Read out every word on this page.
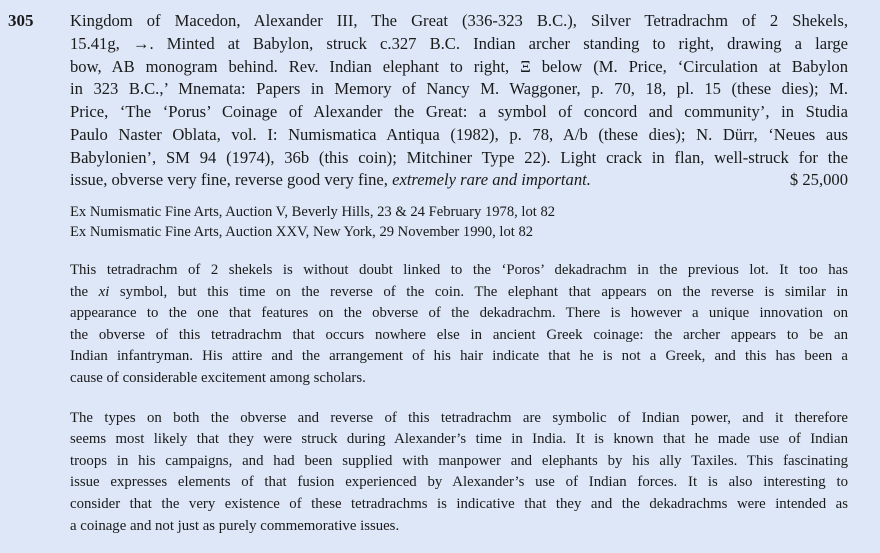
305 Kingdom of Macedon, Alexander III, The Great (336-323 B.C.), Silver Tetradrachm of 2 Shekels,
15.41g, →. Minted at Babylon, struck c.327 B.C. Indian archer standing to right, drawing a large
bow, AB monogram behind. Rev. Indian elephant to right, Ξ below (M. Price, ‘Circulation at Babylon
in 323 B.C.,’ Mnemata: Papers in Memory of Nancy M. Waggoner, p. 70, 18, pl. 15 (these dies); M.
Price, ‘The ‘Porus’ Coinage of Alexander the Great: a symbol of concord and community’, in Studia
Paulo Naster Oblata, vol. I: Numismatica Antiqua (1982), p. 78, A/b (these dies); N. Dürr, ‘Neues aus
Babylonien’, SM 94 (1974), 36b (this coin); Mitchiner Type 22). Light crack in flan, well-struck for the
issue, obverse very fine, reverse good very fine, extremely rare and important.	$ 25,000
Ex Numismatic Fine Arts, Auction V, Beverly Hills, 23 & 24 February 1978, lot 82
Ex Numismatic Fine Arts, Auction XXV, New York, 29 November 1990, lot 82
This tetradrachm of 2 shekels is without doubt linked to the ‘Poros’ dekadrachm in the previous lot. It too has
the xi symbol, but this time on the reverse of the coin. The elephant that appears on the reverse is similar in
appearance to the one that features on the obverse of the dekadrachm. There is however a unique innovation on
the obverse of this tetradrachm that occurs nowhere else in ancient Greek coinage: the archer appears to be an
Indian infantryman. His attire and the arrangement of his hair indicate that he is not a Greek, and this has been a
cause of considerable excitement among scholars.
The types on both the obverse and reverse of this tetradrachm are symbolic of Indian power, and it therefore
seems most likely that they were struck during Alexander’s time in India. It is known that he made use of Indian
troops in his campaigns, and had been supplied with manpower and elephants by his ally Taxiles. This fascinating
issue expresses elements of that fusion experienced by Alexander’s use of Indian forces. It is also interesting to
consider that the very existence of these tetradrachms is indicative that they and the dekadrachms were intended as
a coinage and not just as purely commemorative issues.
